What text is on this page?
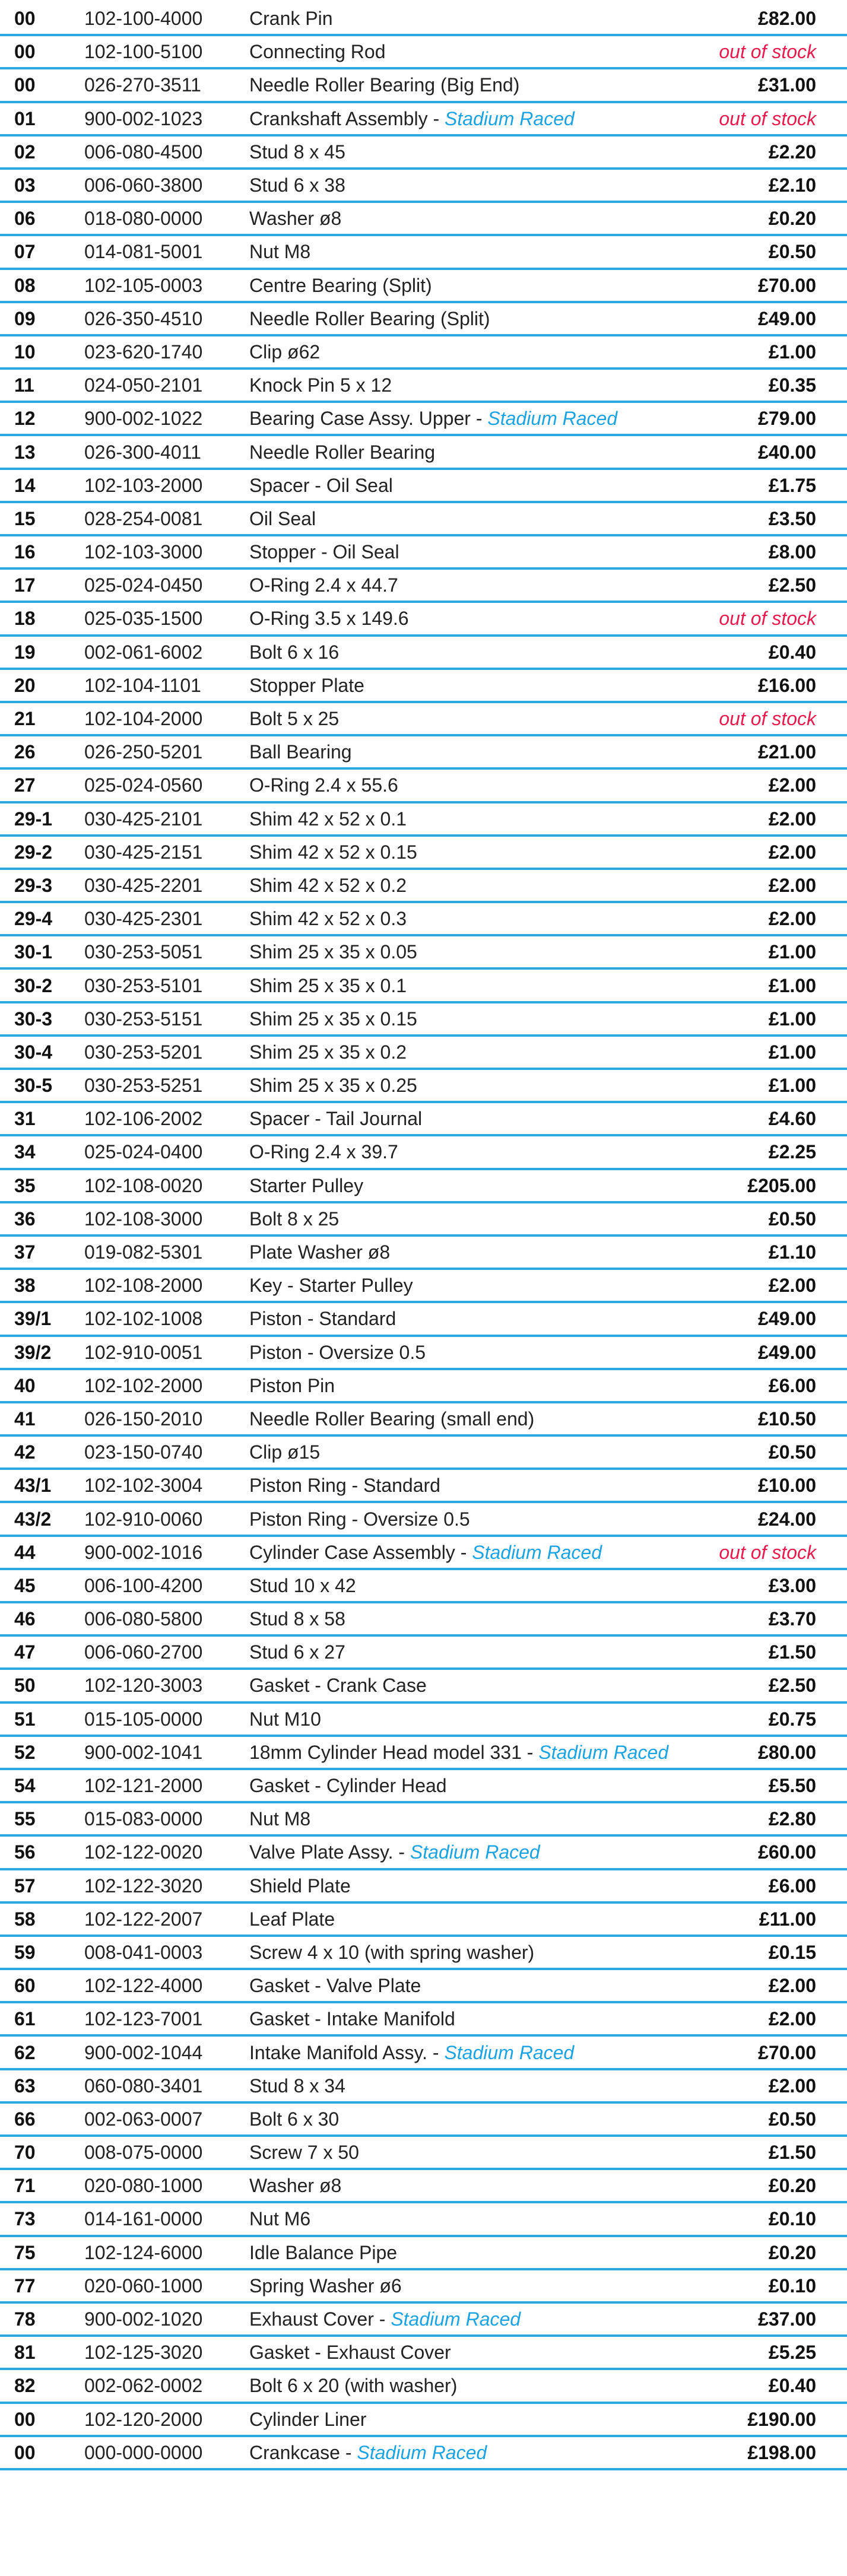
00	102-100-4000 Crank Pin	£82.00
00	102-100-5100 Connecting Rod	out of stock
00	026-270-3511	Needle Roller Bearing (Big End)	£31.00
01	900-002-1023 Crankshaft Assembly - Stadium Raced	out of stock
02	006-080-4500 Stud 8 x 45	£2.20
03	006-060-3800 Stud 6 x 38	£2.10
06	018-080-0000 Washer ø8	£0.20
07	014-081-5001 Nut M8	£0.50
08	102-105-0003 Centre Bearing (Split)	£70.00
09	026-350-4510 Needle Roller Bearing (Split)	£49.00
10	023-620-1740 Clip ø62	£1.00
11	024-050-2101 Knock Pin 5 x 12	£0.35
12	900-002-1022 Bearing Case Assy. Upper - Stadium Raced	£79.00
13	026-300-4011	Needle Roller Bearing	£40.00
14	102-103-2000 Spacer - Oil Seal	£1.75
15	028-254-0081 Oil Seal	£3.50
16	102-103-3000 Stopper - Oil Seal	£8.00
17	025-024-0450 O-Ring 2.4 x 44.7	£2.50
18	025-035-1500 O-Ring 3.5 x 149.6	out of stock
19	002-061-6002 Bolt 6 x 16	£0.40
20	102-104-1101	Stopper Plate	£16.00
21	102-104-2000 Bolt 5 x 25	out of stock
26	026-250-5201 Ball Bearing	£21.00
27	025-024-0560 O-Ring 2.4 x 55.6	£2.00
29-1 030-425-2101 Shim 42 x 52 x 0.1	£2.00
29-2 030-425-2151 Shim 42 x 52 x 0.15	£2.00
29-3 030-425-2201 Shim 42 x 52 x 0.2	£2.00
29-4 030-425-2301 Shim 42 x 52 x 0.3	£2.00
30-1 030-253-5051 Shim 25 x 35 x 0.05	£1.00
30-2 030-253-5101 Shim 25 x 35 x 0.1	£1.00
30-3 030-253-5151 Shim 25 x 35 x 0.15	£1.00
30-4 030-253-5201 Shim 25 x 35 x 0.2	£1.00
30-5 030-253-5251 Shim 25 x 35 x 0.25	£1.00
31	102-106-2002 Spacer - Tail Journal	£4.60
34	025-024-0400 O-Ring 2.4 x 39.7	£2.25
35	102-108-0020 Starter Pulley	£205.00
36	102-108-3000 Bolt 8 x 25	£0.50
37	019-082-5301 Plate Washer ø8	£1.10
38	102-108-2000 Key - Starter Pulley	£2.00
39/1 102-102-1008 Piston - Standard	£49.00
39/2 102-910-0051 Piston - Oversize 0.5	£49.00
40	102-102-2000 Piston Pin	£6.00
41	026-150-2010 Needle Roller Bearing (small end)	£10.50
42	023-150-0740 Clip ø15	£0.50
43/1 102-102-3004 Piston Ring - Standard	£10.00
43/2 102-910-0060 Piston Ring - Oversize 0.5	£24.00
44	900-002-1016 Cylinder Case Assembly - Stadium Raced	out of stock
45	006-100-4200 Stud 10 x 42	£3.00
46	006-080-5800 Stud 8 x 58	£3.70
47	006-060-2700 Stud 6 x 27	£1.50
50	102-120-3003 Gasket - Crank Case	£2.50
51	015-105-0000 Nut M10	£0.75
52	900-002-1041 18mm Cylinder Head model 331 - Stadium Raced	£80.00
54	102-121-2000 Gasket - Cylinder Head	£5.50
55	015-083-0000 Nut M8	£2.80
56	102-122-0020 Valve Plate Assy. - Stadium Raced	£60.00
57	102-122-3020 Shield Plate	£6.00
58	102-122-2007 Leaf Plate	£11.00
59	008-041-0003 Screw 4 x 10 (with spring washer)	£0.15
60	102-122-4000 Gasket - Valve Plate	£2.00
61	102-123-7001 Gasket - Intake Manifold	£2.00
62	900-002-1044 Intake Manifold Assy. - Stadium Raced	£70.00
63	060-080-3401 Stud 8 x 34	£2.00
66	002-063-0007 Bolt 6 x 30	£0.50
70	008-075-0000 Screw 7 x 50	£1.50
71	020-080-1000 Washer ø8	£0.20
73	014-161-0000 Nut M6	£0.10
75	102-124-6000 Idle Balance Pipe	£0.20
77	020-060-1000 Spring Washer ø6	£0.10
78	900-002-1020 Exhaust Cover - Stadium Raced	£37.00
81	102-125-3020 Gasket - Exhaust Cover	£5.25
82	002-062-0002 Bolt 6 x 20 (with washer)	£0.40
00	102-120-2000 Cylinder Liner	£190.00
00	000-000-0000 Crankcase - Stadium Raced	£198.00
